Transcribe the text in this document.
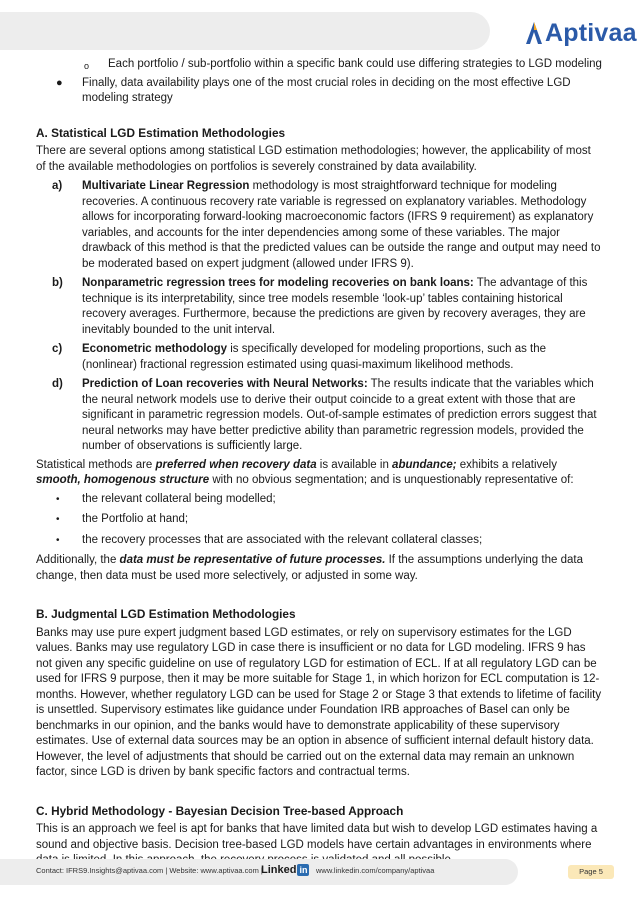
Aptivaa
o Each portfolio / sub-portfolio within a specific bank could use differing strategies to LGD modeling
● Finally, data availability plays one of the most crucial roles in deciding on the most effective LGD modeling strategy
A. Statistical LGD Estimation Methodologies

There are several options among statistical LGD estimation methodologies; however, the applicability of most of the available methodologies on portfolios is severely constrained by data availability.

a) Multivariate Linear Regression methodology is most straightforward technique for modeling recoveries. A continuous recovery rate variable is regressed on explanatory variables. Methodology allows for incorporating forward-looking macroeconomic factors (IFRS 9 requirement) as explanatory variables, and accounts for the inter dependencies among some of these variables. The major drawback of this method is that the predicted values can be outside the range and output may need to be moderated based on expert judgment (allowed under IFRS 9).
b) Nonparametric regression trees for modeling recoveries on bank loans: The advantage of this technique is its interpretability, since tree models resemble ‘look-up’ tables containing historical recovery averages. Furthermore, because the predictions are given by recovery averages, they are inevitably bounded to the unit interval.
c) Econometric methodology is specifically developed for modeling proportions, such as the (nonlinear) fractional regression estimated using quasi-maximum likelihood methods.
d) Prediction of Loan recoveries with Neural Networks: The results indicate that the variables which the neural network models use to derive their output coincide to a great extent with those that are significant in parametric regression models. Out-of-sample estimates of prediction errors suggest that neural networks may have better predictive ability than parametric regression models, provided the number of observations is sufficiently large.

Statistical methods are preferred when recovery data is available in abundance; exhibits a relatively smooth, homogenous structure with no obvious segmentation; and is unquestionably representative of:

• the relevant collateral being modelled;
• the Portfolio at hand;
• the recovery processes that are associated with the relevant collateral classes;

Additionally, the data must be representative of future processes. If the assumptions underlying the data change, then data must be used more selectively, or adjusted in some way.

B. Judgmental LGD Estimation Methodologies

Banks may use pure expert judgment based LGD estimates, or rely on supervisory estimates for the LGD values. Banks may use regulatory LGD in case there is insufficient or no data for LGD modeling. IFRS 9 has not given any specific guideline on use of regulatory LGD for estimation of ECL. If at all regulatory LGD can be used for IFRS 9 purpose, then it may be more suitable for Stage 1, in which horizon for ECL computation is 12-months. However, whether regulatory LGD can be used for Stage 2 or Stage 3 that extends to lifetime of facility is unsettled. Supervisory estimates like guidance under Foundation IRB approaches of Basel can only be benchmarks in our opinion, and the banks would have to demonstrate applicability of these supervisory estimates. Use of external data sources may be an option in absence of sufficient internal default history data. However, the level of adjustments that should be carried out on the external data may remain an unknown factor, since LGD is driven by bank specific factors and contractual terms.

C. Hybrid Methodology - Bayesian Decision Tree-based Approach

This is an approach we feel is apt for banks that have limited data but wish to develop LGD estimates having a sound and objective basis. Decision tree-based LGD models have certain advantages in environments where

Contact: IFRS9.Insights@aptivaa.com | Website: www.aptivaa.com |
Linked in www.linkedin.com/company/aptivaa	Page 5
